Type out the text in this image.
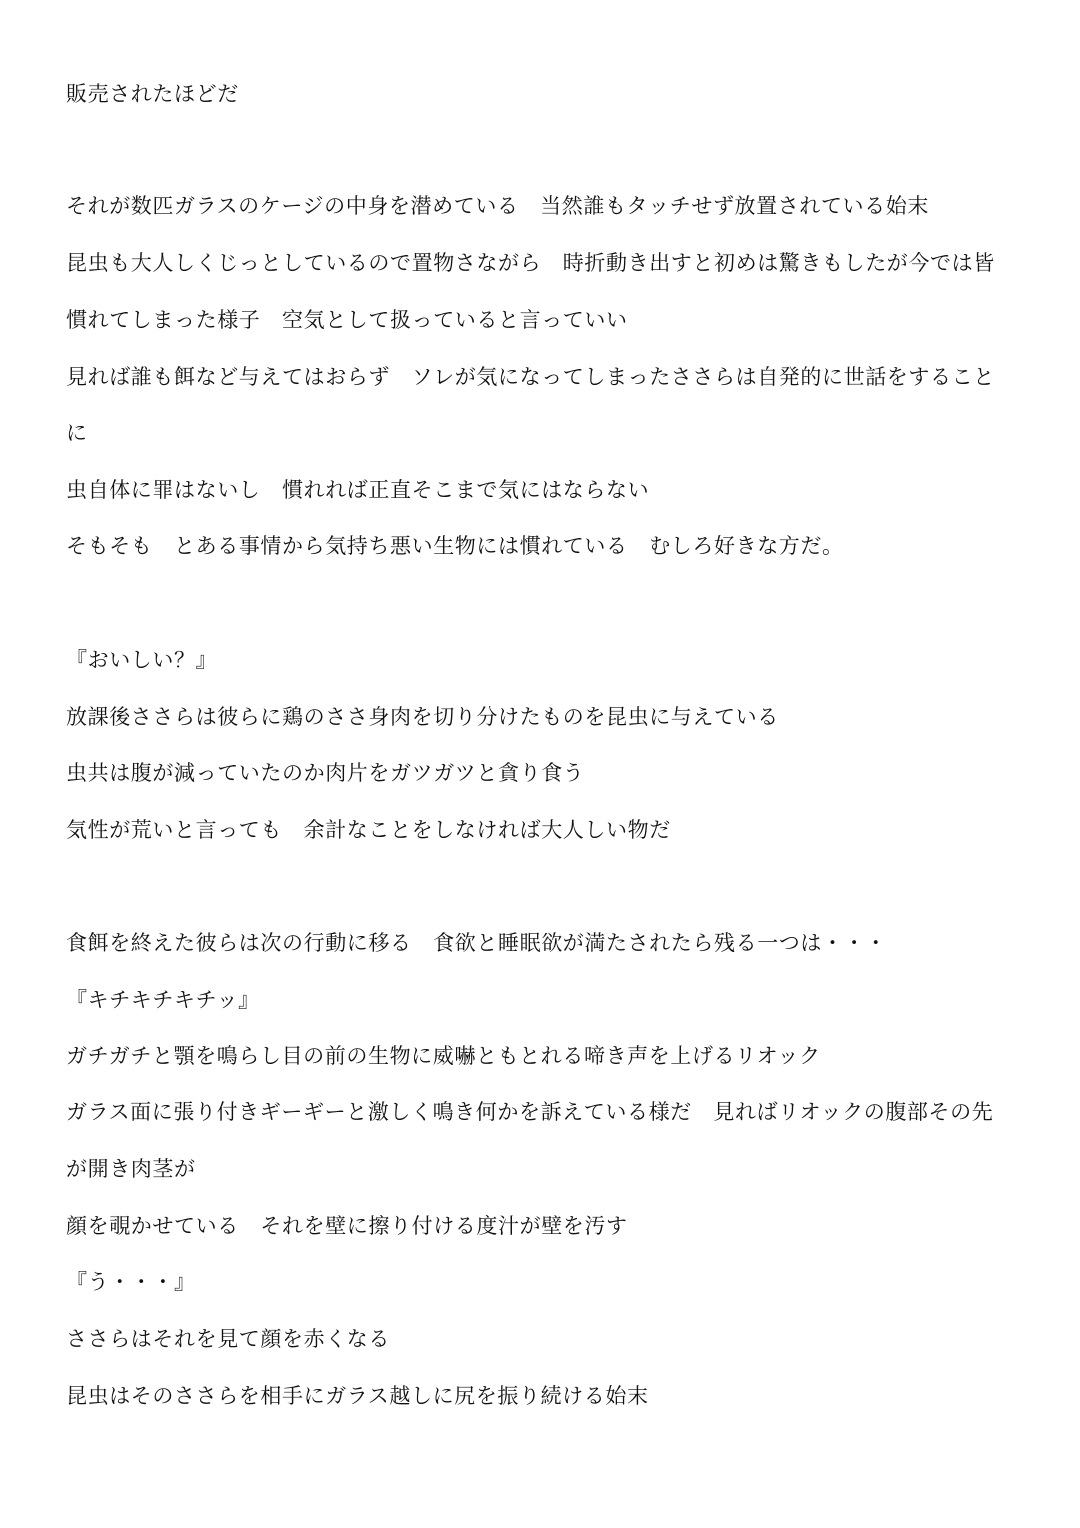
販売されたほどだ
それが数匹ガラスのケージの中身を潜めている　当然誰もタッチせず放置されている始末
昆虫も大人しくじっとしているので置物さながら　時折動き出すと初めは驚きもしたが今では皆
慣れてしまった様子　空気として扱っていると言っていい
見れば誰も餌など与えてはおらず　ソレが気になってしまったささらは自発的に世話をすること
に
虫自体に罪はないし　慣れれば正直そこまで気にはならない
そもそも　とある事情から気持ち悪い生物には慣れている　むしろ好きな方だ。
『おいしい？』
放課後ささらは彼らに鶏のささ身肉を切り分けたものを昆虫に与えている
虫共は腹が減っていたのか肉片をガツガツと貪り食う
気性が荒いと言っても　余計なことをしなければ大人しい物だ
食餌を終えた彼らは次の行動に移る　食欲と睡眠欲が満たされたら残る一つは・・・
『キチキチキチッ』
ガチガチと顎を鳴らし目の前の生物に威嚇ともとれる啼き声を上げるリオック
ガラス面に張り付きギーギーと激しく鳴き何かを訴えている様だ　見ればリオックの腹部その先
が開き肉茎が
顔を覗かせている　それを壁に擦り付ける度汁が壁を汚す
『う・・・』
ささらはそれを見て顔を赤くなる
昆虫はそのささらを相手にガラス越しに尻を振り続ける始末
